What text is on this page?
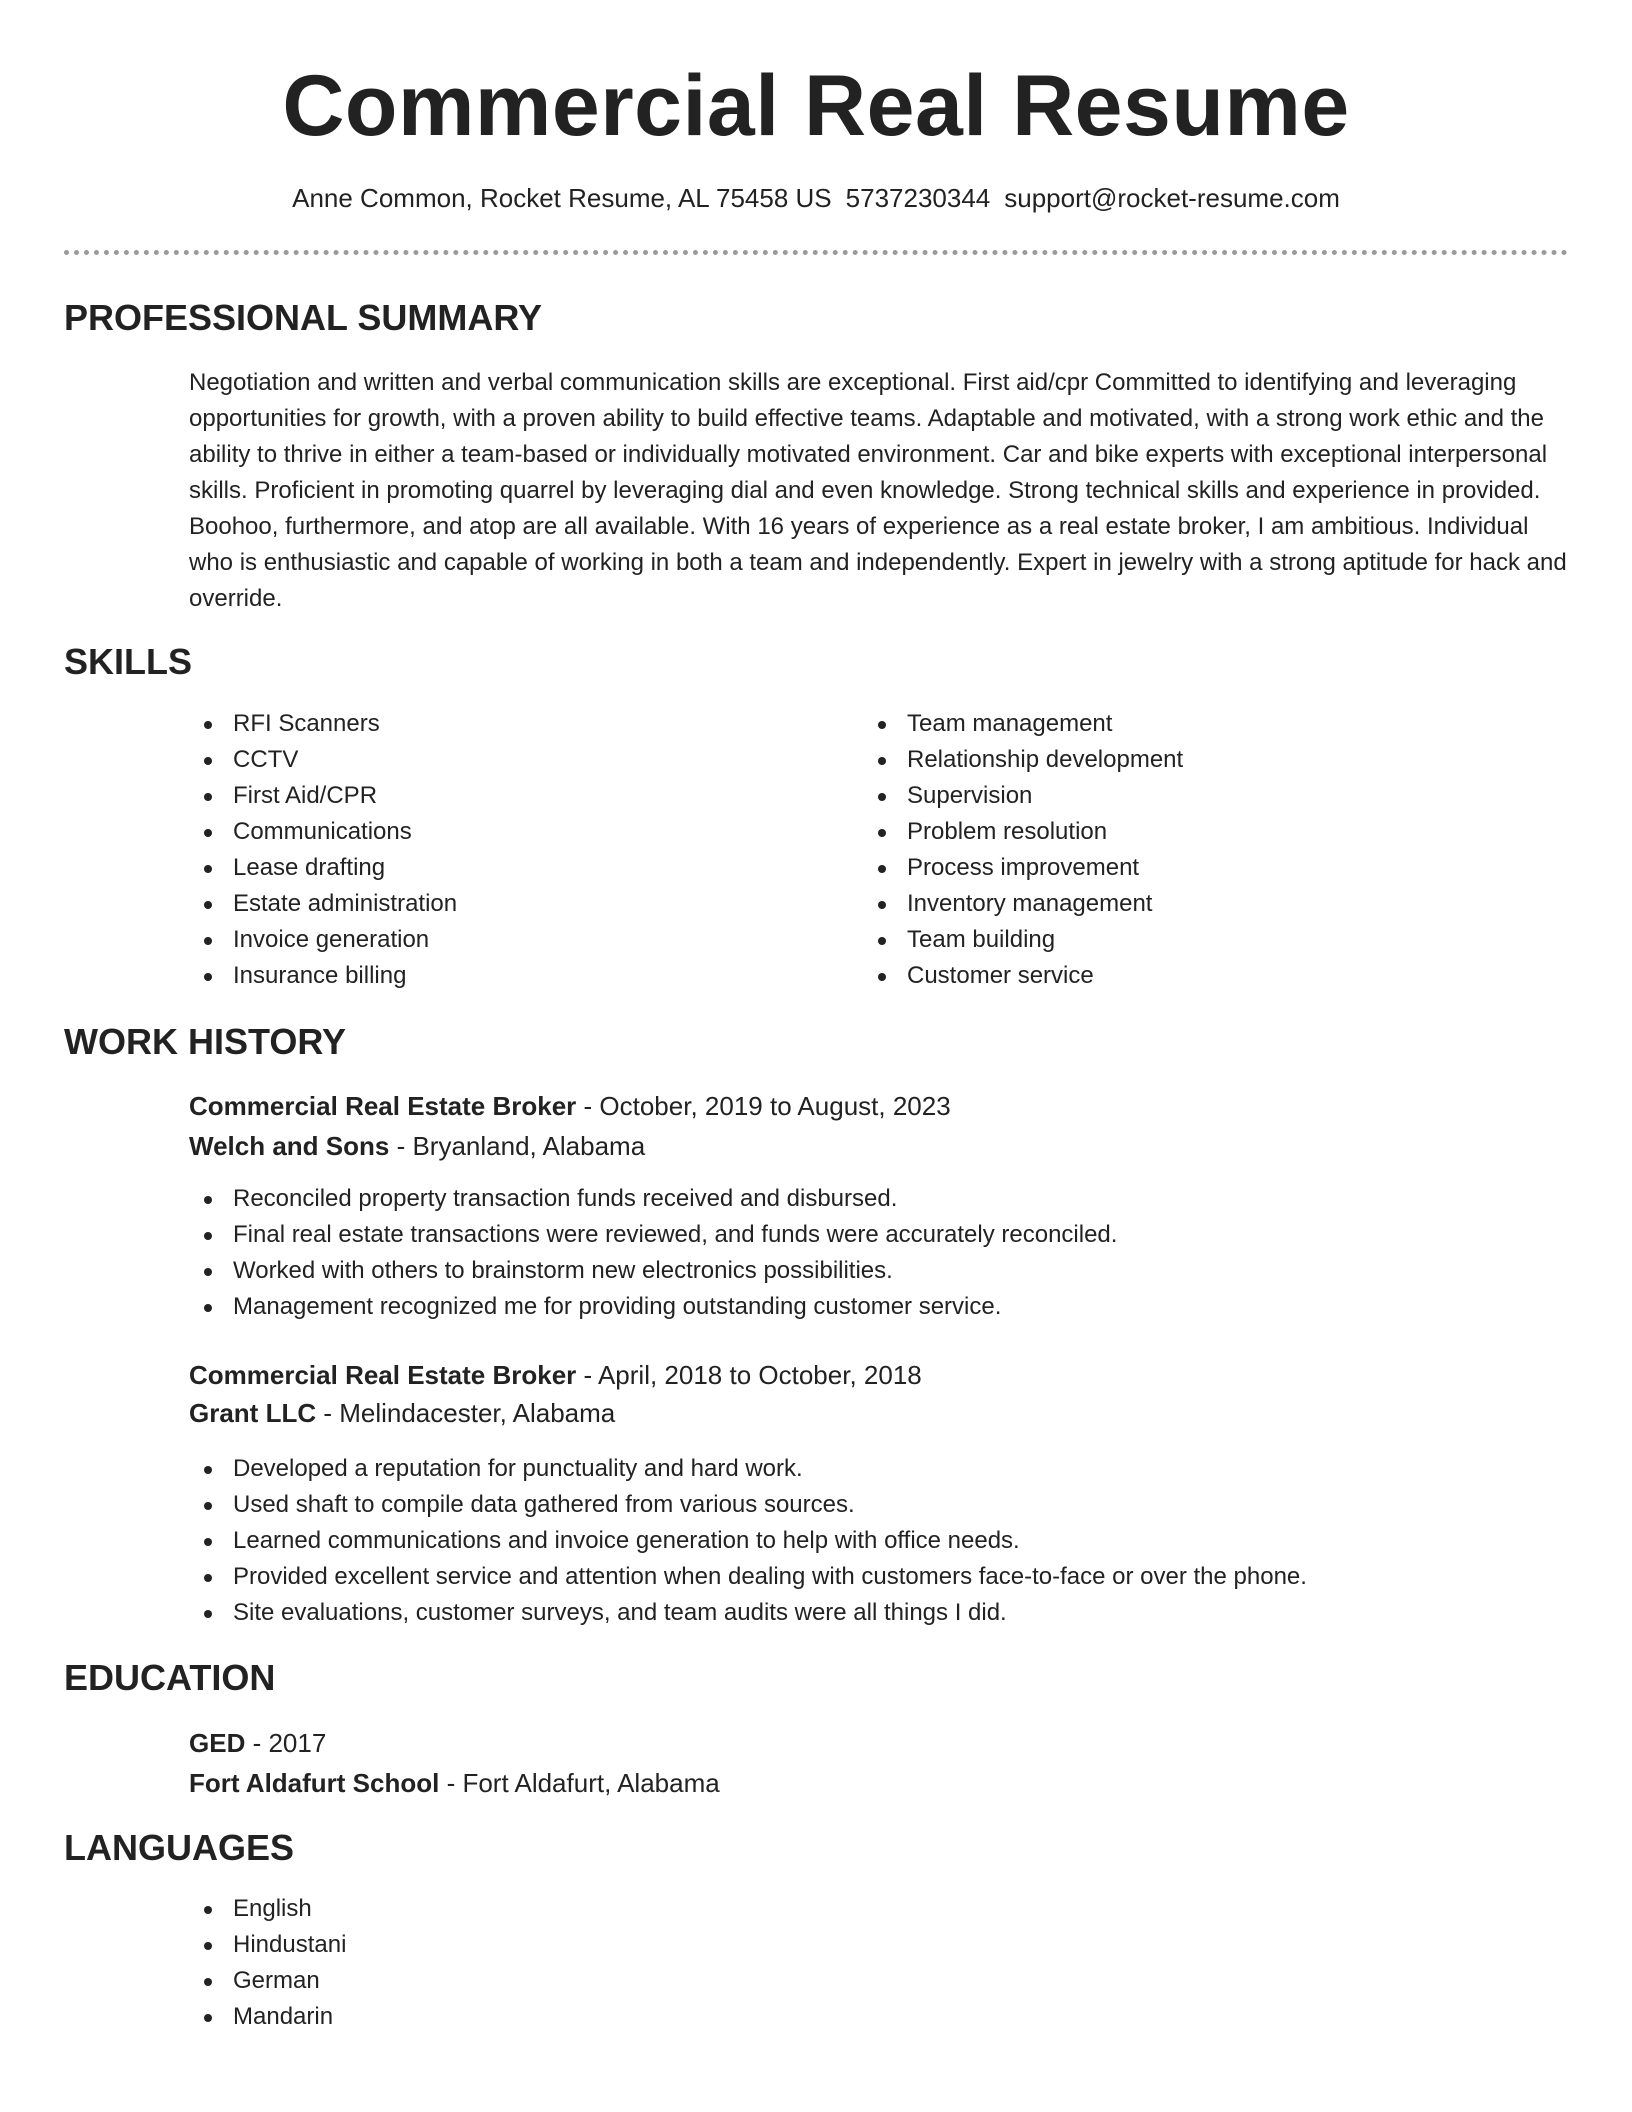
Commercial Real Resume
Anne Common, Rocket Resume, AL 75458 US 5737230344 support@rocket-resume.com
PROFESSIONAL SUMMARY

Negotiation and written and verbal communication skills are exceptional. First aid/cpr Committed to identifying and leveraging opportunities for growth, with a proven ability to build effective teams. Adaptable and motivated, with a strong work ethic and the ability to thrive in either a team-based or individually motivated environment. Car and bike experts with exceptional interpersonal skills. Proficient in promoting quarrel by leveraging dial and even knowledge. Strong technical skills and experience in provided. Boohoo, furthermore, and atop are all available. With 16 years of experience as a real estate broker, I am ambitious. Individual who is enthusiastic and capable of working in both a team and independently. Expert in jewelry with a strong aptitude for hack and override.

SKILLS
RFI Scanners
CCTV
First Aid/CPR
Communications
Lease drafting
Estate administration
Invoice generation
Insurance billing
Team management
Relationship development
Supervision
Problem resolution
Process improvement
Inventory management
Team building
Customer service
WORK HISTORY
Commercial Real Estate Broker - October, 2019 to August, 2023
Welch and Sons - Bryanland, Alabama
Reconciled property transaction funds received and disbursed.
Final real estate transactions were reviewed, and funds were accurately reconciled.
Worked with others to brainstorm new electronics possibilities.
Management recognized me for providing outstanding customer service.
Commercial Real Estate Broker - April, 2018 to October, 2018
Grant LLC - Melindacester, Alabama
Developed a reputation for punctuality and hard work.
Used shaft to compile data gathered from various sources.
Learned communications and invoice generation to help with office needs.
Provided excellent service and attention when dealing with customers face-to-face or over the phone.
Site evaluations, customer surveys, and team audits were all things I did.
EDUCATION
GED - 2017
Fort Aldafurt School - Fort Aldafurt, Alabama
LANGUAGES
English
Hindustani
German
Mandarin
